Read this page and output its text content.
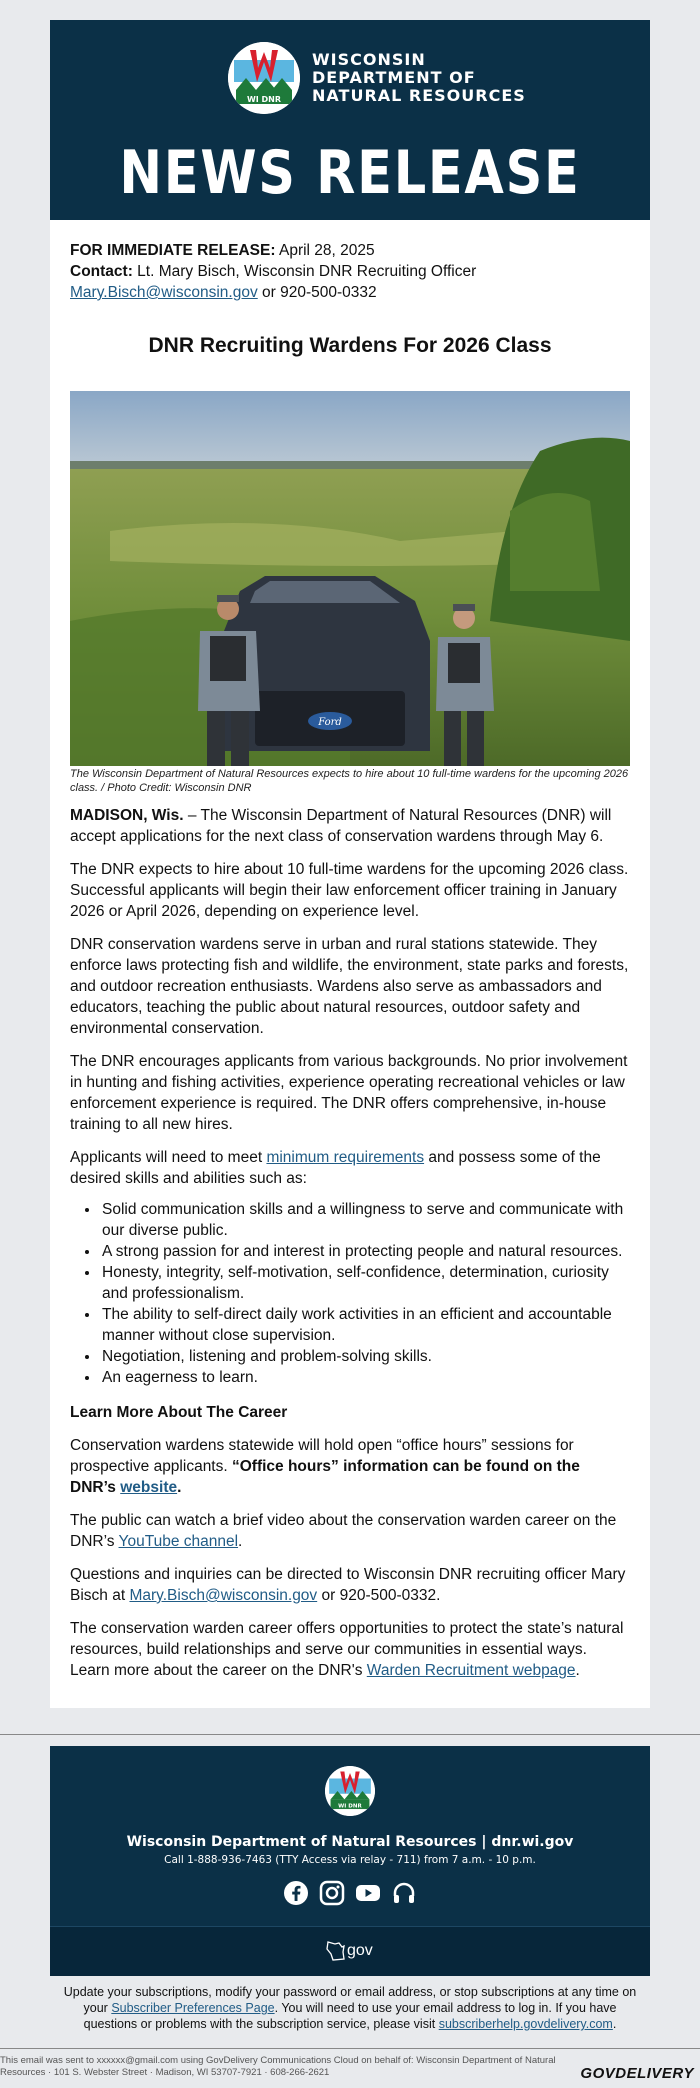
WI DNR
WISCONSIN
DEPARTMENT OF
NATURAL RESOURCES
NEWS RELEASE

FOR IMMEDIATE RELEASE: April 28, 2025

Contact: Lt. Mary Bisch, Wisconsin DNR Recruiting Officer

Mary.Bisch@wisconsin.gov or 920-500-0332

DNR Recruiting Wardens For 2026 Class
Ford
The Wisconsin Department of Natural Resources expects to hire about 10 full-time wardens for the upcoming 2026 class. / Photo Credit: Wisconsin DNR

MADISON, Wis. – The Wisconsin Department of Natural Resources (DNR) will accept applications for the next class of conservation wardens through May 6.

The DNR expects to hire about 10 full-time wardens for the upcoming 2026 class. Successful applicants will begin their law enforcement officer training in January 2026 or April 2026, depending on experience level.

DNR conservation wardens serve in urban and rural stations statewide. They enforce laws protecting fish and wildlife, the environment, state parks and forests, and outdoor recreation enthusiasts. Wardens also serve as ambassadors and educators, teaching the public about natural resources, outdoor safety and environmental conservation.

The DNR encourages applicants from various backgrounds. No prior involvement in hunting and fishing activities, experience operating recreational vehicles or law enforcement experience is required. The DNR offers comprehensive, in-house training to all new hires.

Applicants will need to meet minimum requirements and possess some of the desired skills and abilities such as:

• Solid communication skills and a willingness to serve and communicate with our diverse public.
• A strong passion for and interest in protecting people and natural resources.
• Honesty, integrity, self-motivation, self-confidence, determination, curiosity and professionalism.
• The ability to self-direct daily work activities in an efficient and accountable manner without close supervision.
• Negotiation, listening and problem-solving skills.
• An eagerness to learn.

Learn More About The Career

Conservation wardens statewide will hold open “office hours” sessions for prospective applicants. “Office hours” information can be found on the DNR’s website.

The public can watch a brief video about the conservation warden career on the DNR’s YouTube channel.

Questions and inquiries can be directed to Wisconsin DNR recruiting officer Mary Bisch at Mary.Bisch@wisconsin.gov or 920-500-0332.

The conservation warden career offers opportunities to protect the state’s natural resources, build relationships and serve our communities in essential ways. Learn more about the career on the DNR's Warden Recruitment webpage.

WI DNR
Wisconsin Department of Natural Resources | dnr.wi.gov
Call 1-888-936-7463 (TTY Access via relay - 711) from 7 a.m. - 10 p.m.
gov
Update your subscriptions, modify your password or email address, or stop subscriptions at any time on your Subscriber Preferences Page. You will need to use your email address to log in. If you have questions or problems with the subscription service, please visit subscriberhelp.govdelivery.com.
This email was sent to xxxxxx@gmail.com using GovDelivery Communications Cloud on behalf of: Wisconsin Department of Natural Resources · 101 S. Webster Street · Madison, WI 53707-7921 · 608-266-2621	GOVDELIVERY
